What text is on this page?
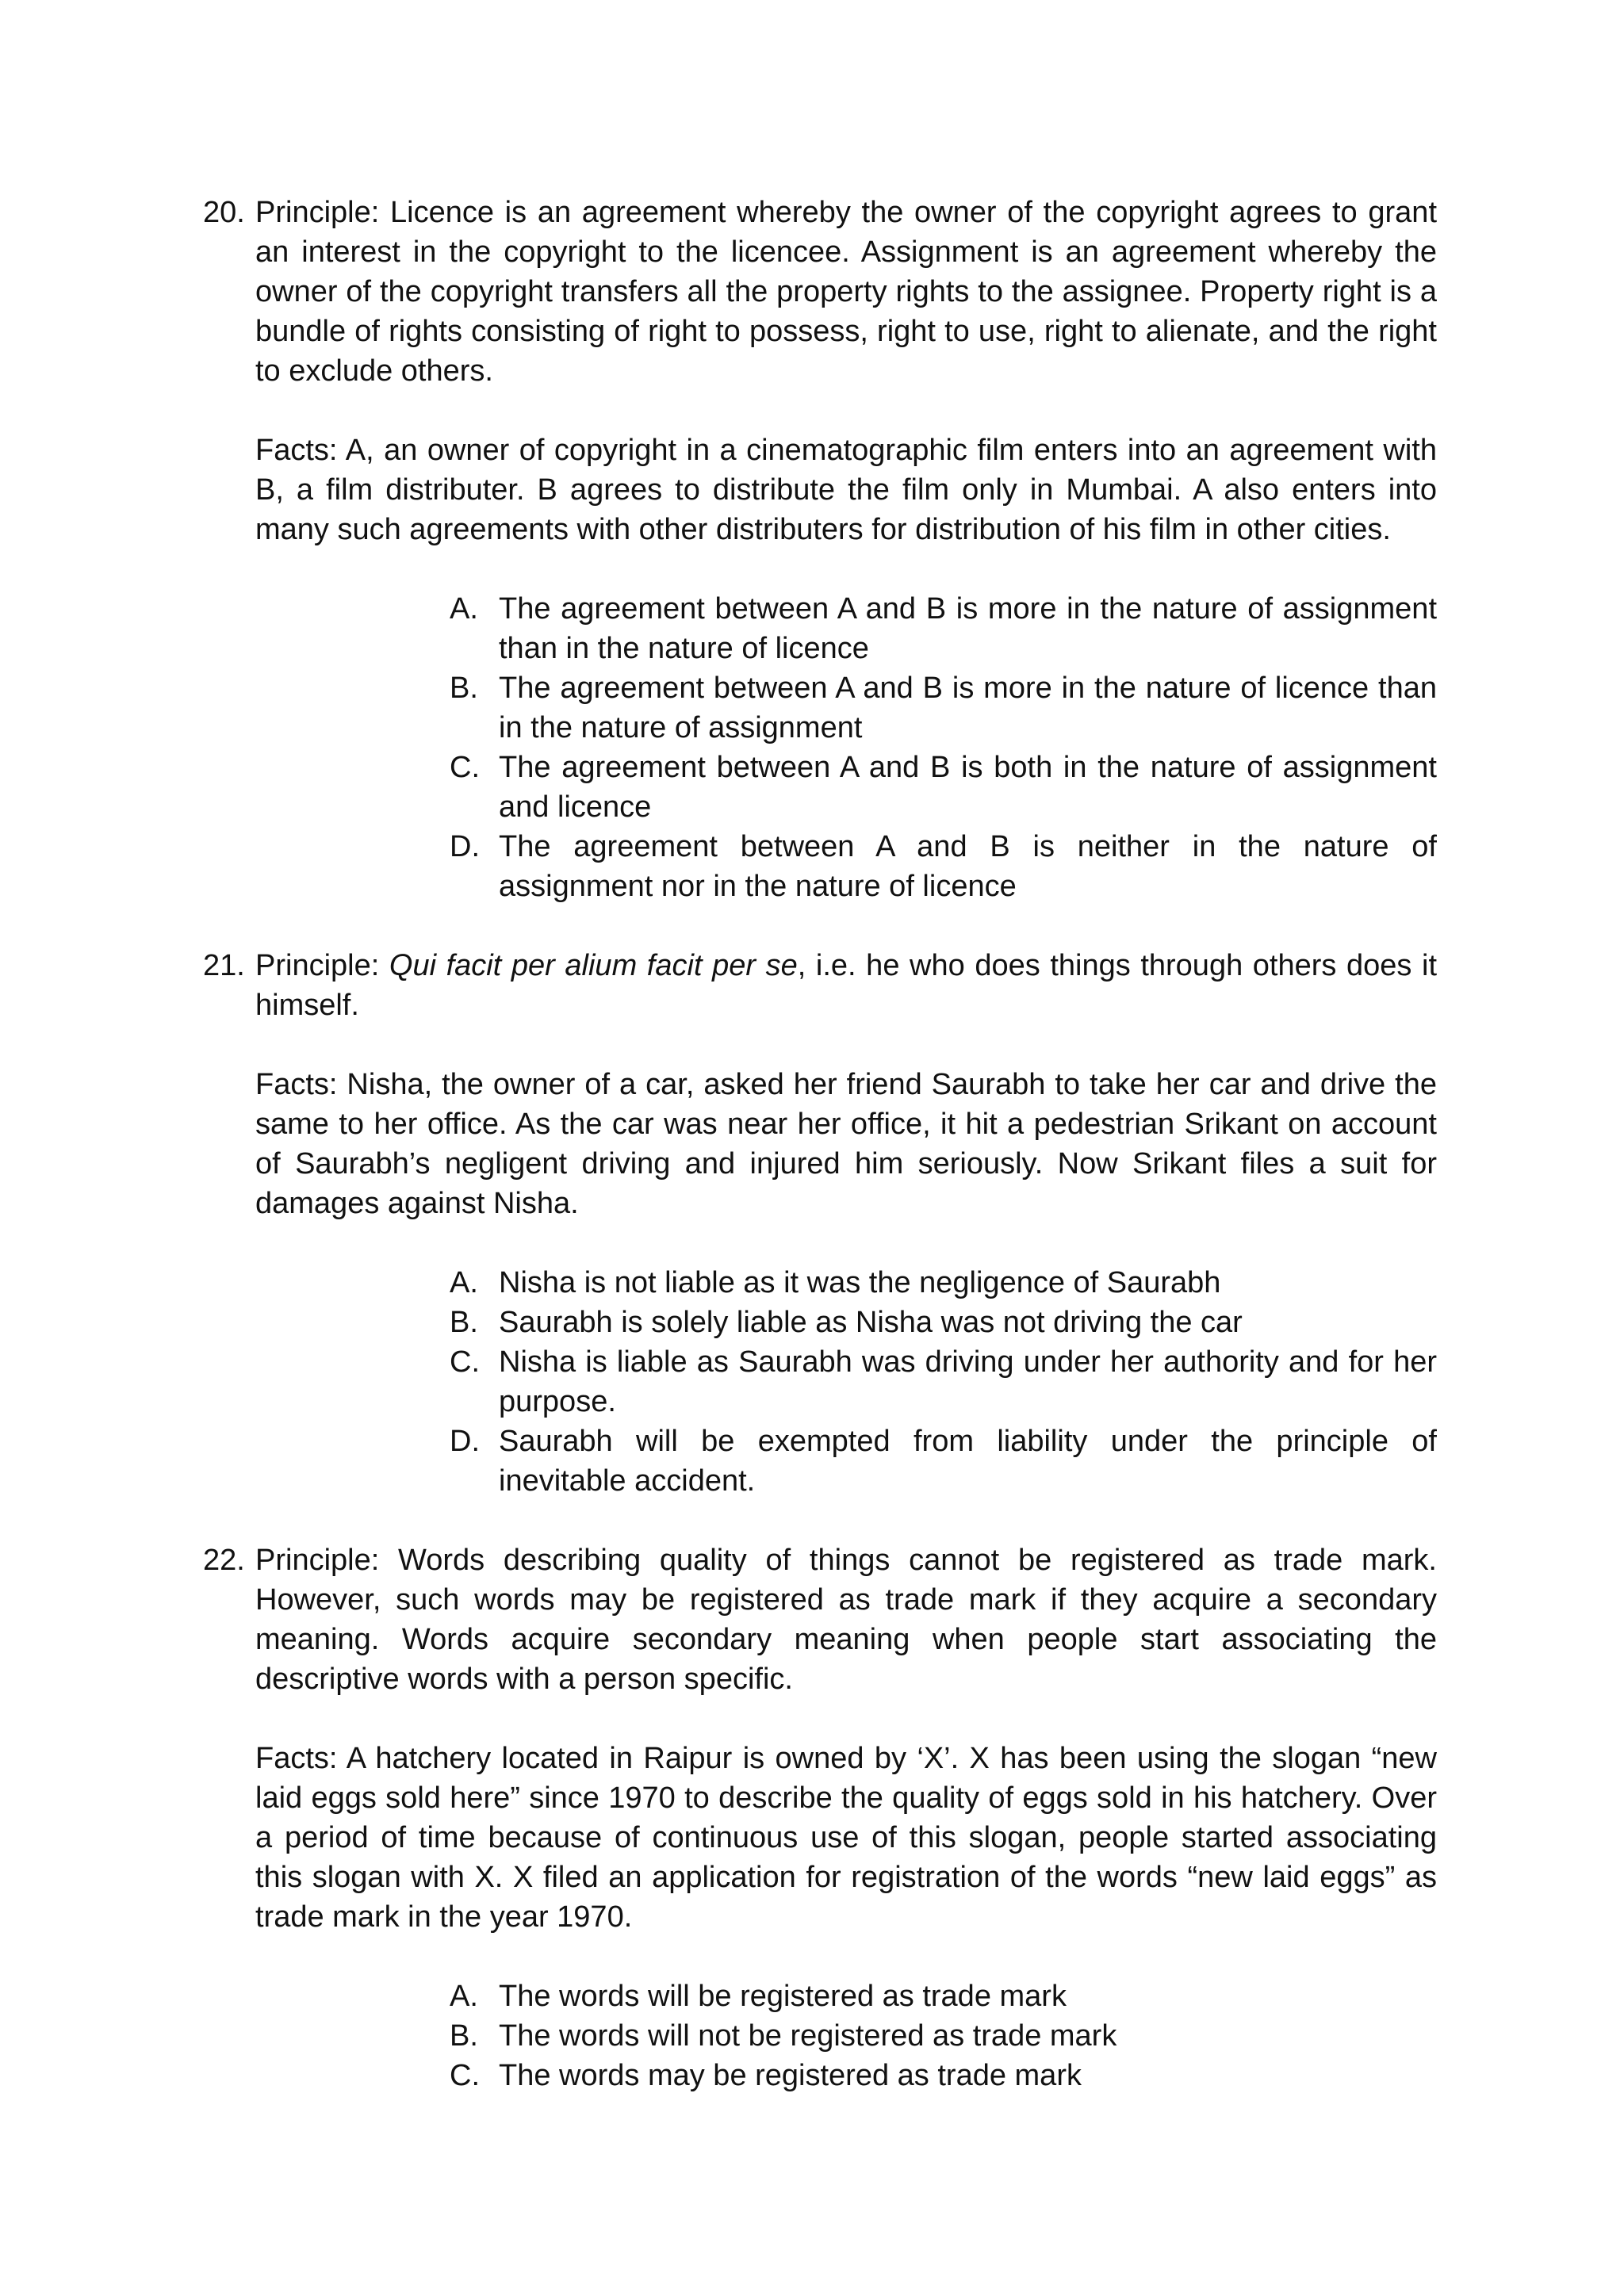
20. Principle: Licence is an agreement whereby the owner of the copyright agrees to grant an interest in the copyright to the licencee. Assignment is an agreement whereby the owner of the copyright transfers all the property rights to the assignee. Property right is a bundle of rights consisting of right to possess, right to use, right to alienate, and the right to exclude others.

Facts: A, an owner of copyright in a cinematographic film enters into an agreement with B, a film distributer. B agrees to distribute the film only in Mumbai. A also enters into many such agreements with other distributers for distribution of his film in other cities.

A. The agreement between A and B is more in the nature of assignment than in the nature of licence
B. The agreement between A and B is more in the nature of licence than in the nature of assignment
C. The agreement between A and B is both in the nature of assignment and licence
D. The agreement between A and B is neither in the nature of assignment nor in the nature of licence
21. Principle: Qui facit per alium facit per se, i.e. he who does things through others does it himself.

Facts: Nisha, the owner of a car, asked her friend Saurabh to take her car and drive the same to her office. As the car was near her office, it hit a pedestrian Srikant on account of Saurabh’s negligent driving and injured him seriously. Now Srikant files a suit for damages against Nisha.

A. Nisha is not liable as it was the negligence of Saurabh
B. Saurabh is solely liable as Nisha was not driving the car
C. Nisha is liable as Saurabh was driving under her authority and for her purpose.
D. Saurabh will be exempted from liability under the principle of inevitable accident.
22. Principle: Words describing quality of things cannot be registered as trade mark. However, such words may be registered as trade mark if they acquire a secondary meaning. Words acquire secondary meaning when people start associating the descriptive words with a person specific.

Facts: A hatchery located in Raipur is owned by ‘X’. X has been using the slogan “new laid eggs sold here” since 1970 to describe the quality of eggs sold in his hatchery. Over a period of time because of continuous use of this slogan, people started associating this slogan with X. X filed an application for registration of the words “new laid eggs” as trade mark in the year 1970.

A. The words will be registered as trade mark
B. The words will not be registered as trade mark
C. The words may be registered as trade mark
